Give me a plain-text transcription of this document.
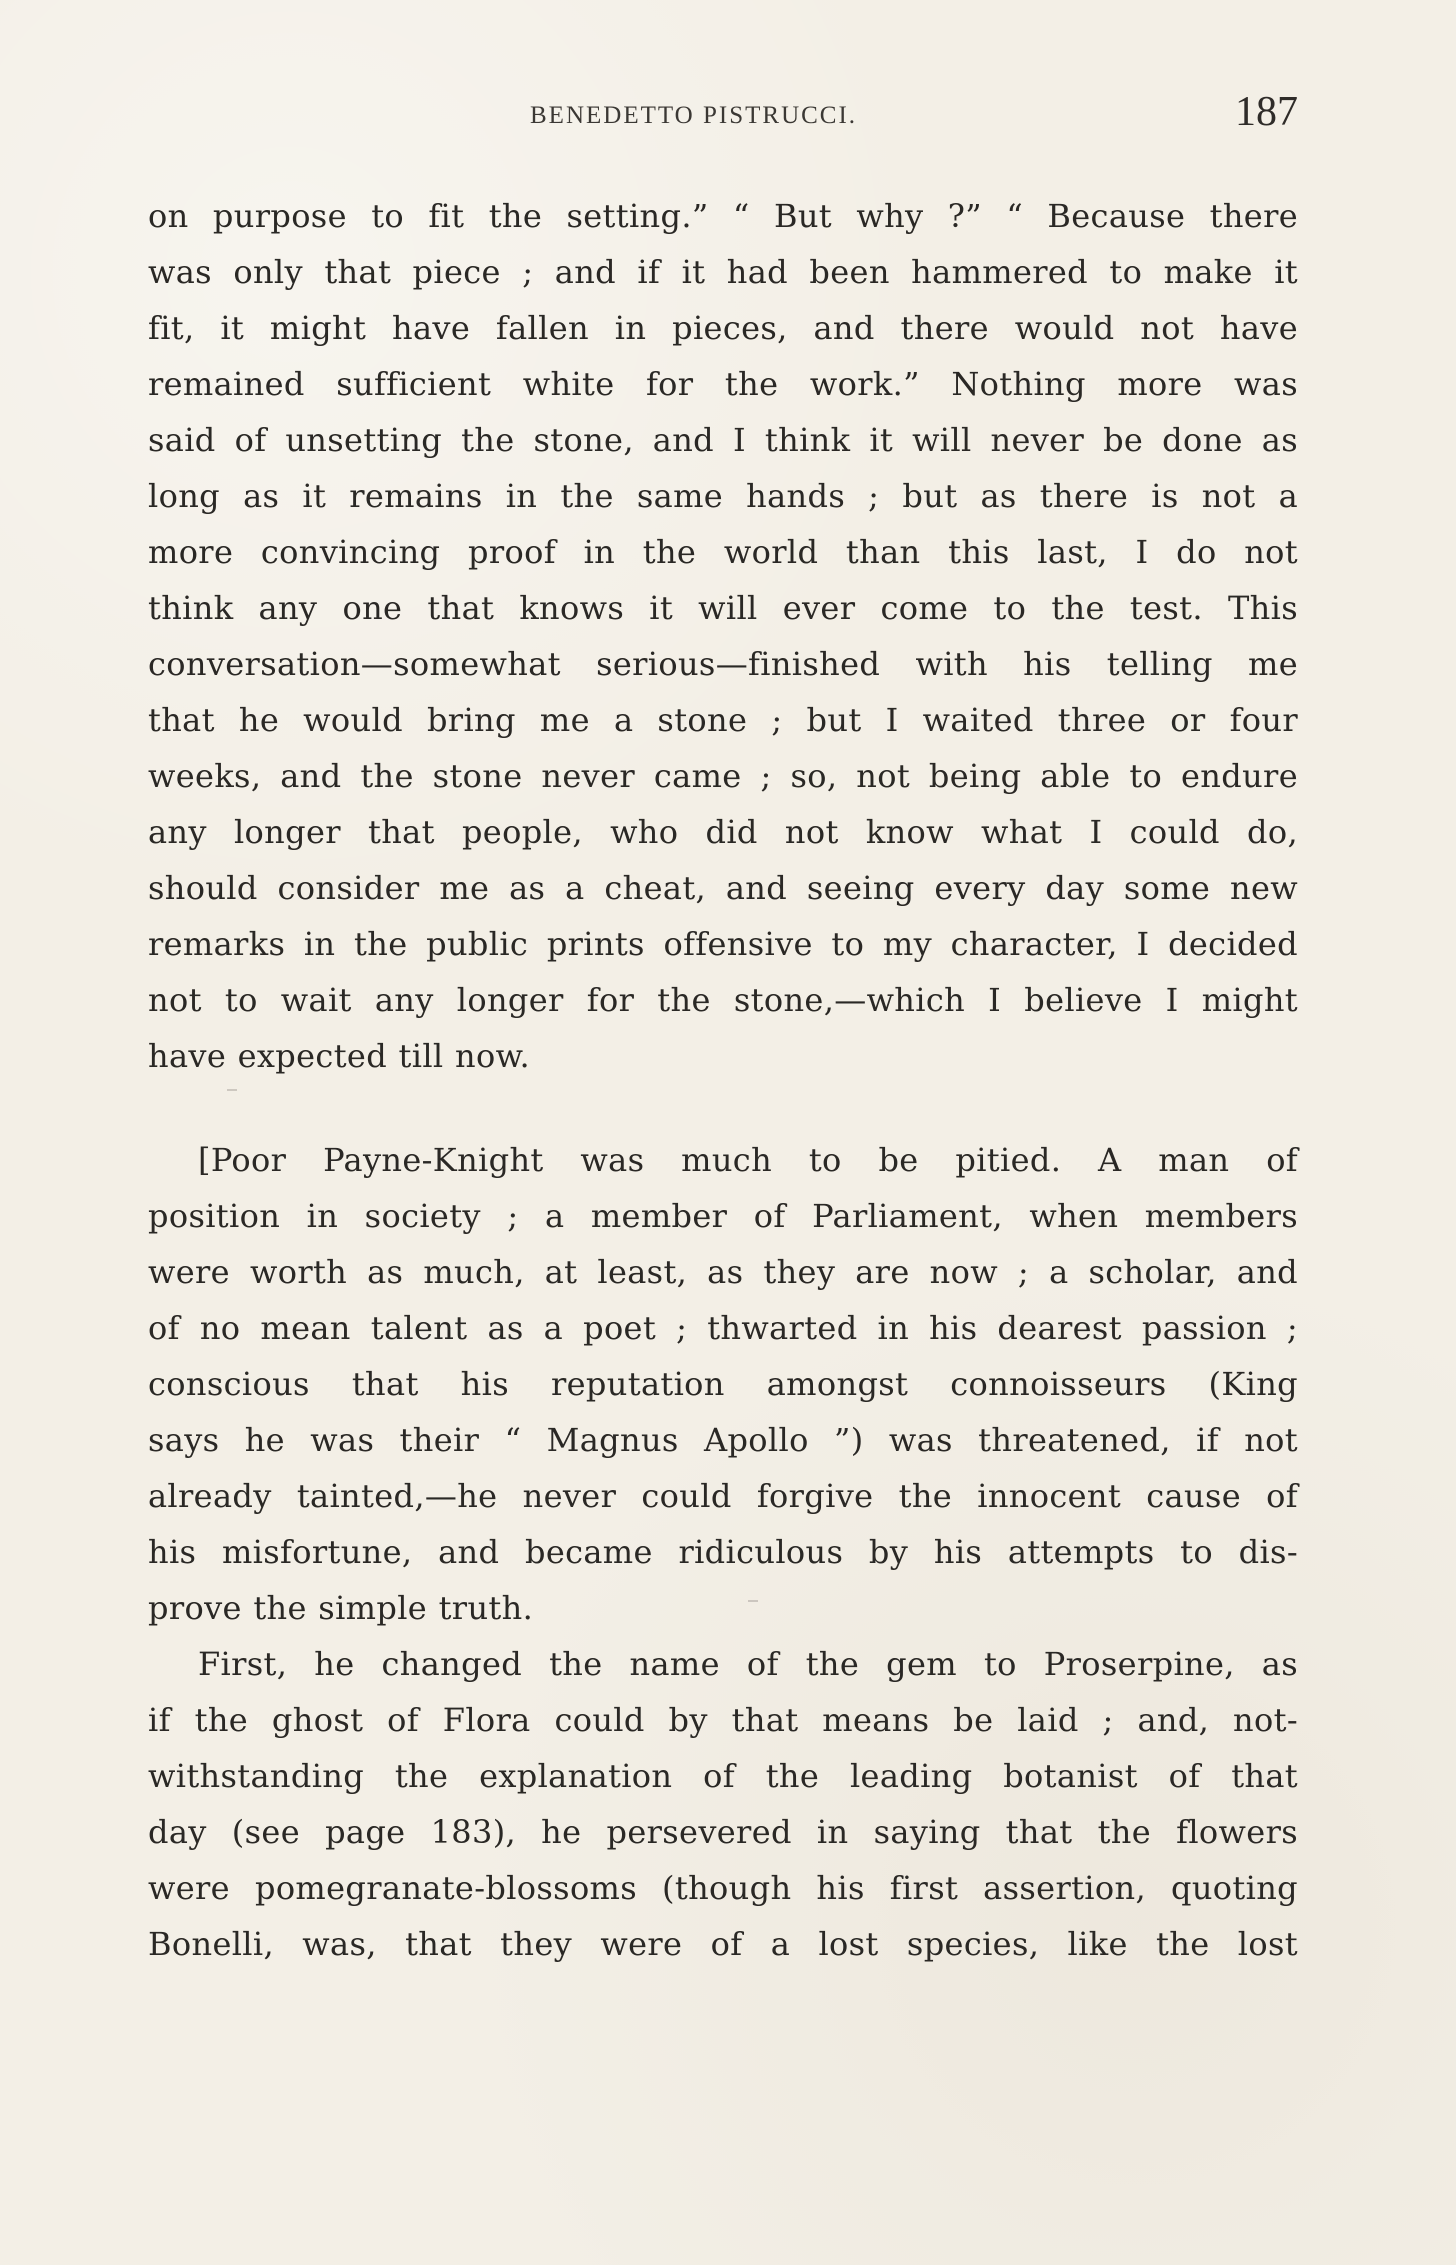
BENEDETTO PISTRUCCI.	187
on purpose to fit the setting.” “ But why ?” “ Because there
was only that piece ; and if it had been hammered to make it
fit, it might have fallen in pieces, and there would not have
remained sufficient white for the work.” Nothing more was
said of unsetting the stone, and I think it will never be done as
long as it remains in the same hands ; but as there is not a
more convincing proof in the world than this last, I do not
think any one that knows it will ever come to the test. This
conversation—somewhat serious—finished with his telling me
that he would bring me a stone ; but I waited three or four
weeks, and the stone never came ; so, not being able to endure
any longer that people, who did not know what I could do,
should consider me as a cheat, and seeing every day some new
remarks in the public prints offensive to my character, I decided
not to wait any longer for the stone,—which I believe I might
have expected till now.
[Poor Payne-Knight was much to be pitied. A man of
position in society ; a member of Parliament, when members
were worth as much, at least, as they are now ; a scholar, and
of no mean talent as a poet ; thwarted in his dearest passion ;
conscious that his reputation amongst connoisseurs (King
says he was their “ Magnus Apollo ”) was threatened, if not
already tainted,—he never could forgive the innocent cause of
his misfortune, and became ridiculous by his attempts to dis-
prove the simple truth.
First, he changed the name of the gem to Proserpine, as
if the ghost of Flora could by that means be laid ; and, not-
withstanding the explanation of the leading botanist of that
day (see page 183), he persevered in saying that the flowers
were pomegranate-blossoms (though his first assertion, quoting
Bonelli, was, that they were of a lost species, like the lost
